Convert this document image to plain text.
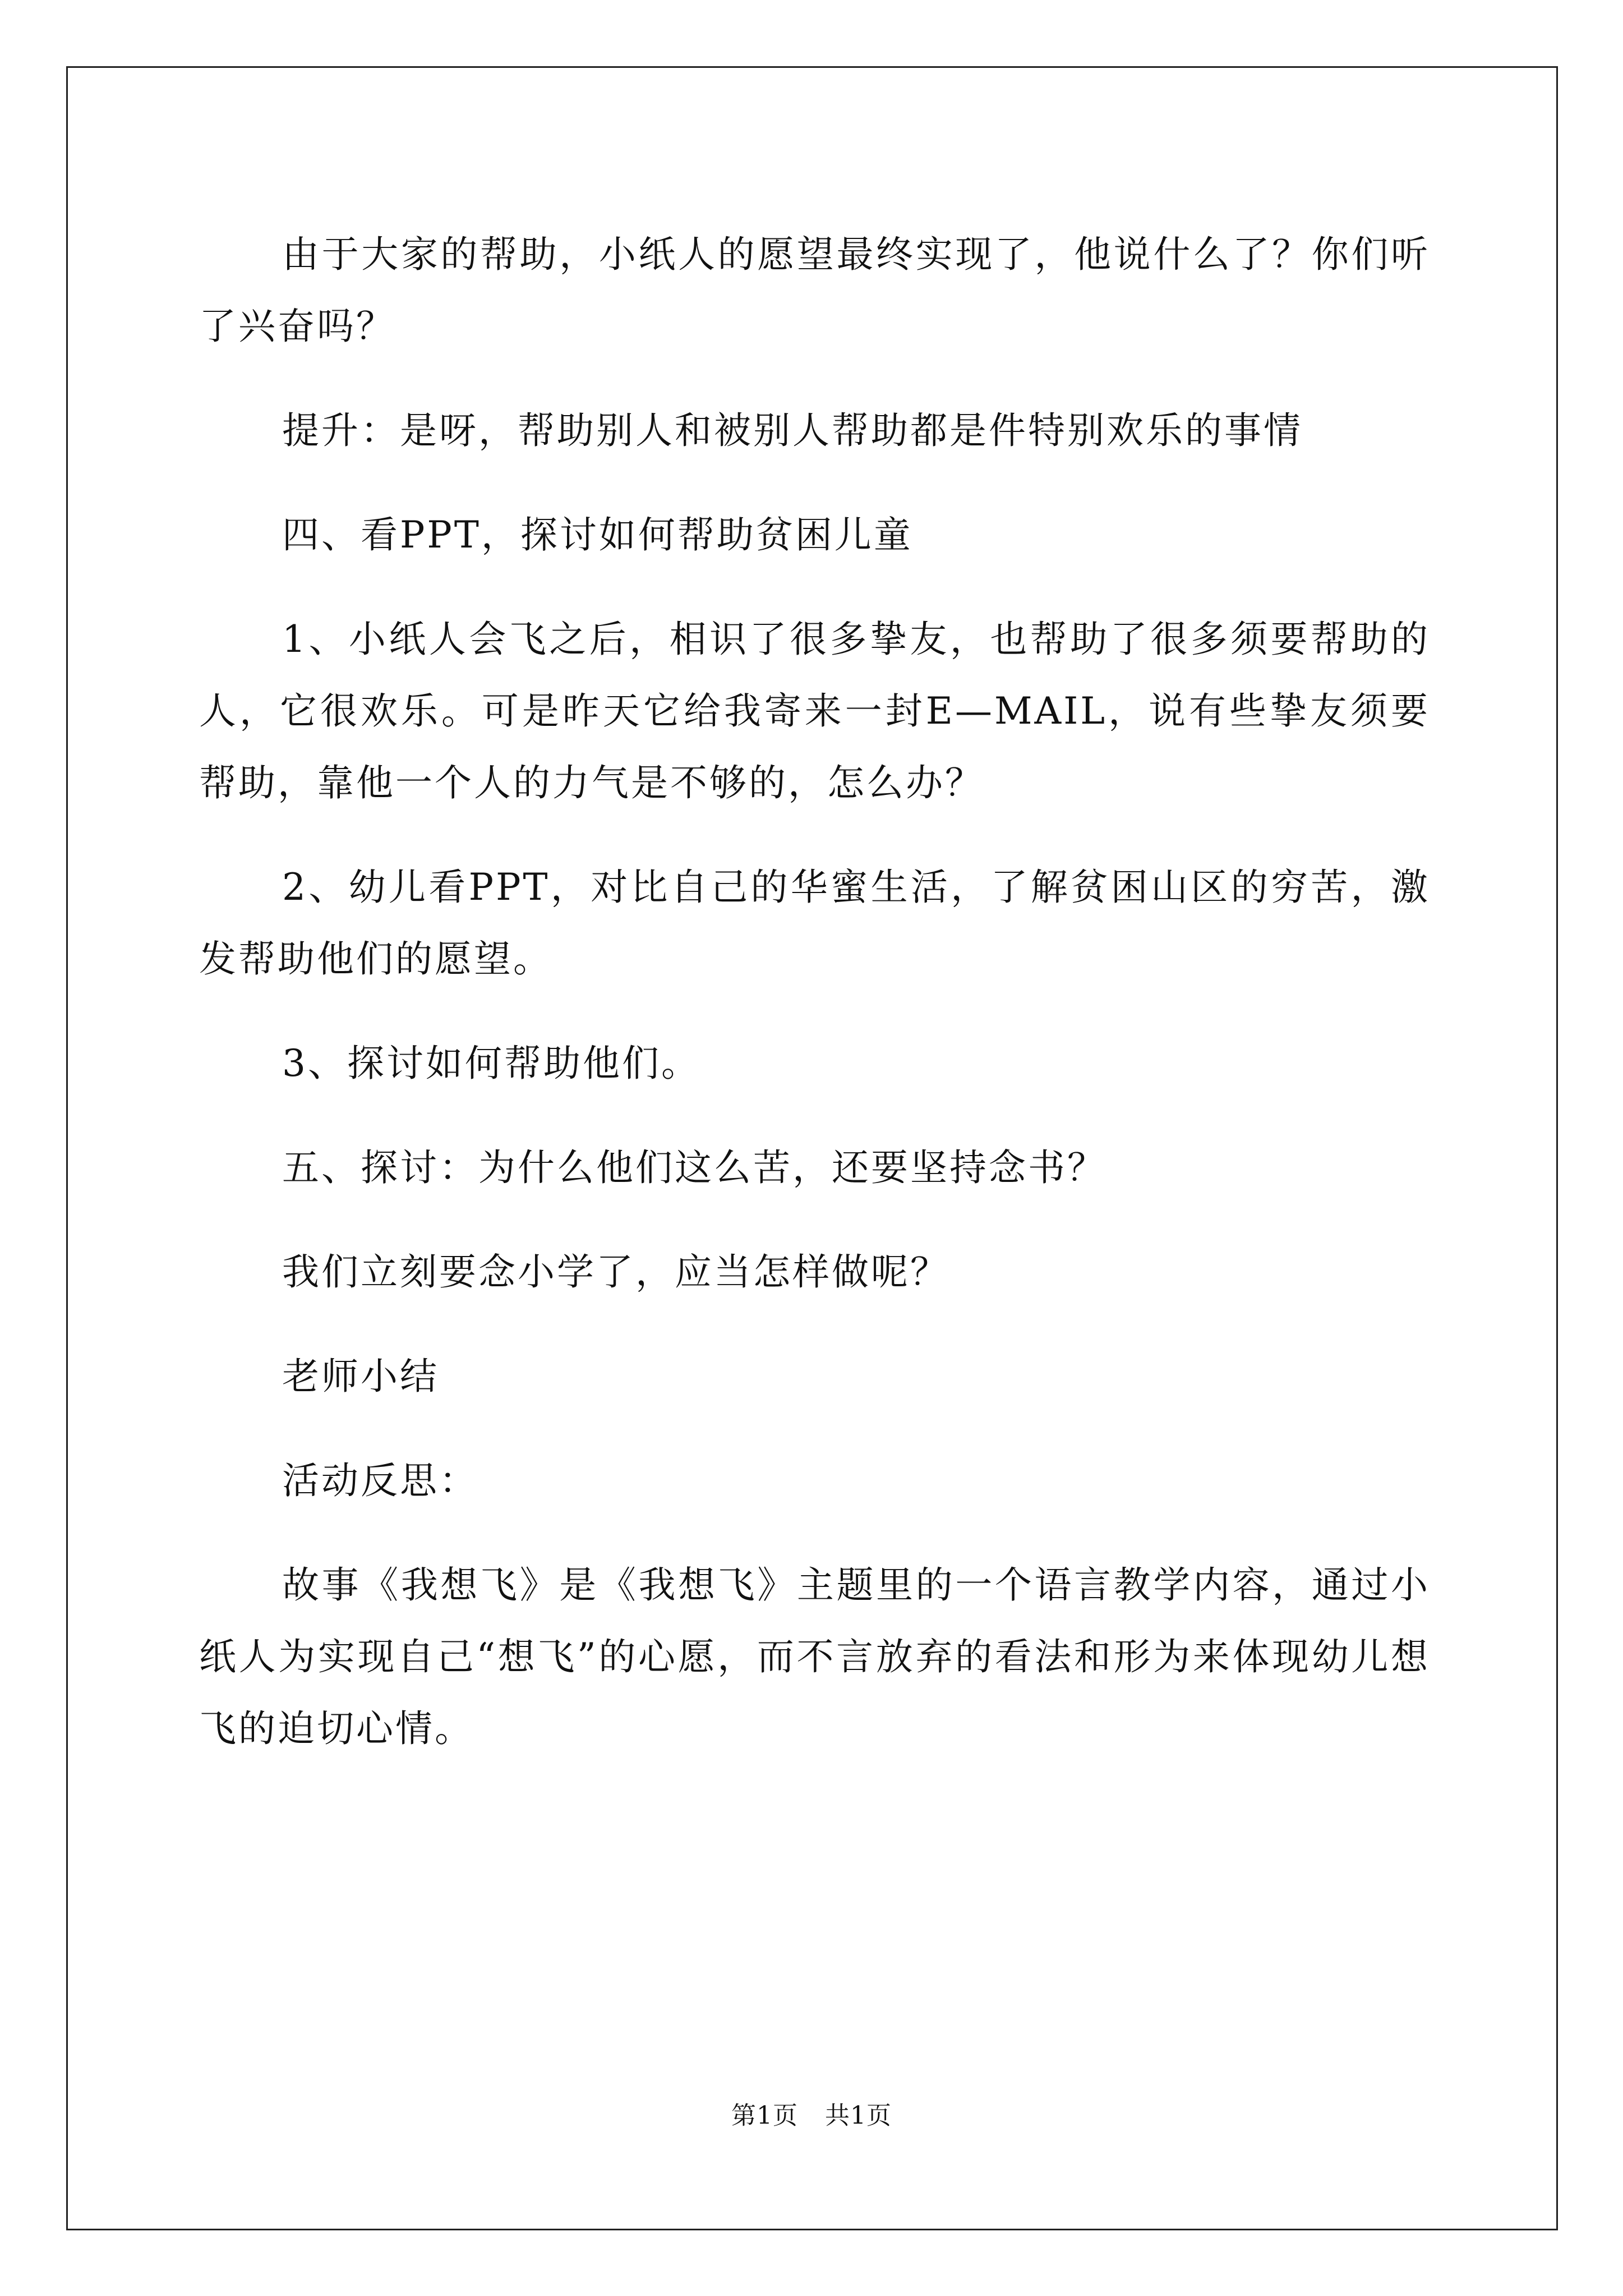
由于大家的帮助，小纸人的愿望最终实现了，他说什么了？你们听了兴奋吗？

提升：是呀，帮助别人和被别人帮助都是件特别欢乐的事情

四、看PPT，探讨如何帮助贫困儿童

1、小纸人会飞之后，相识了很多挚友，也帮助了很多须要帮助的人，它很欢乐。可是昨天它给我寄来一封E—MAIL，说有些挚友须要帮助，靠他一个人的力气是不够的，怎么办？

2、幼儿看PPT，对比自己的华蜜生活，了解贫困山区的穷苦，激发帮助他们的愿望。

3、探讨如何帮助他们。

五、探讨：为什么他们这么苦，还要坚持念书？

我们立刻要念小学了，应当怎样做呢？

老师小结

活动反思：

故事《我想飞》是《我想飞》主题里的一个语言教学内容，通过小纸人为实现自己“想飞”的心愿，而不言放弃的看法和形为来体现幼儿想飞的迫切心情。

第1页 共1页
